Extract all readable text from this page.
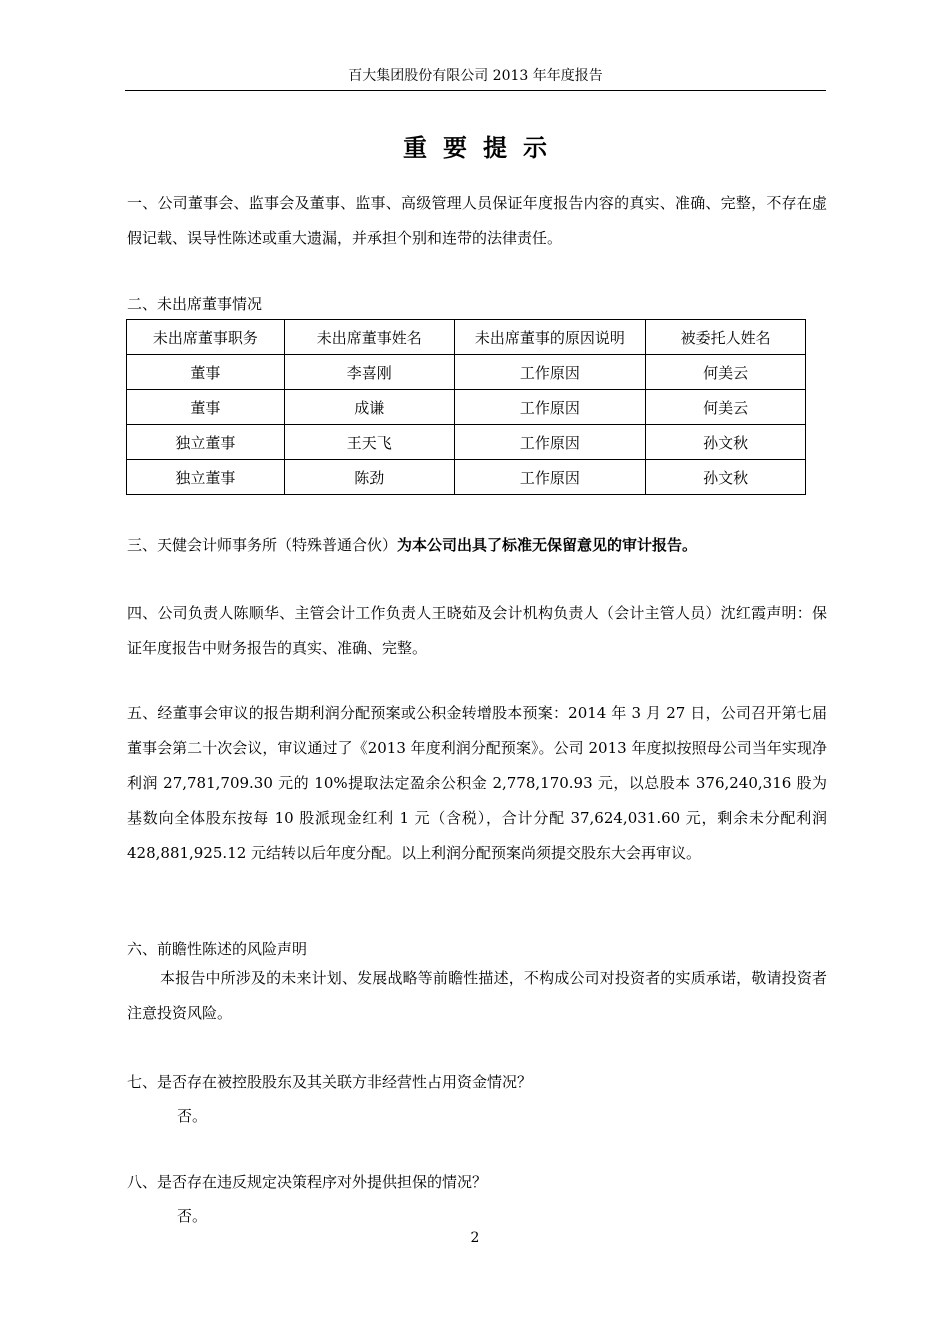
百大集团股份有限公司 2013 年年度报告
重要提示
一、公司董事会、监事会及董事、监事、高级管理人员保证年度报告内容的真实、准确、完整，不存在虚假记载、误导性陈述或重大遗漏，并承担个别和连带的法律责任。
二、未出席董事情况
未出席董事职务	未出席董事姓名	未出席董事的原因说明	被委托人姓名
董事	李喜刚	工作原因	何美云
董事	成谦	工作原因	何美云
独立董事	王天飞	工作原因	孙文秋
独立董事	陈劲	工作原因	孙文秋
三、天健会计师事务所（特殊普通合伙）为本公司出具了标准无保留意见的审计报告。
四、公司负责人陈顺华、主管会计工作负责人王晓茹及会计机构负责人（会计主管人员）沈红霞声明：保证年度报告中财务报告的真实、准确、完整。
五、经董事会审议的报告期利润分配预案或公积金转增股本预案：2014 年 3 月 27 日，公司召开第七届董事会第二十次会议，审议通过了《2013 年度利润分配预案》。公司 2013 年度拟按照母公司当年实现净利润 27,781,709.30 元的 10%提取法定盈余公积金 2,778,170.93 元，以总股本 376,240,316 股为基数向全体股东按每 10 股派现金红利 1 元（含税），合计分配 37,624,031.60 元，剩余未分配利润 428,881,925.12 元结转以后年度分配。以上利润分配预案尚须提交股东大会再审议。
六、前瞻性陈述的风险声明
本报告中所涉及的未来计划、发展战略等前瞻性描述，不构成公司对投资者的实质承诺，敬请投资者注意投资风险。
七、是否存在被控股股东及其关联方非经营性占用资金情况？
否。
八、是否存在违反规定决策程序对外提供担保的情况？
否。
2
